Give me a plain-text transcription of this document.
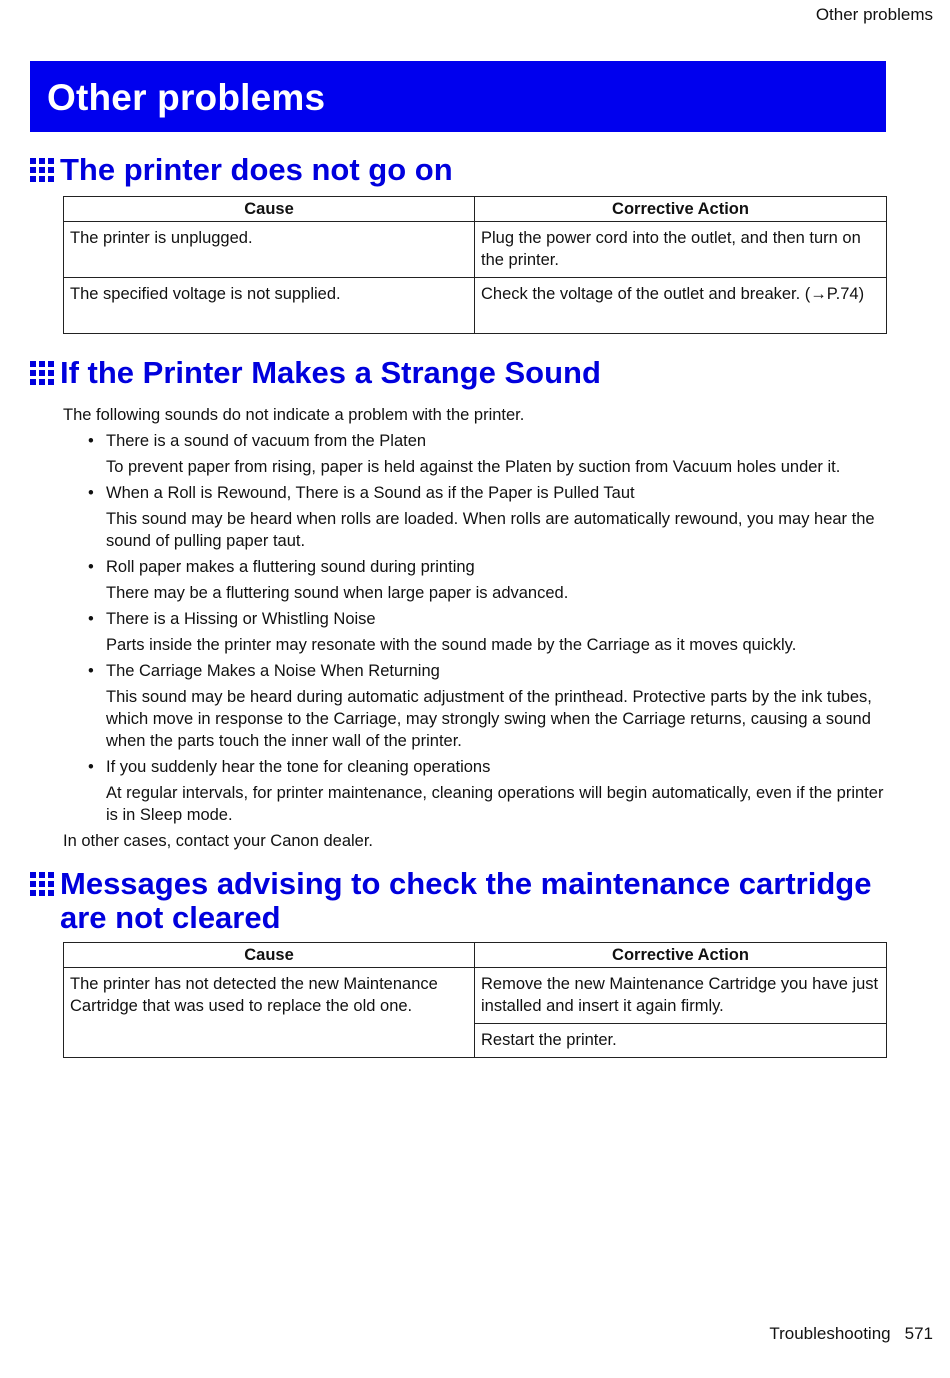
Other problems
Other problems
The printer does not go on
Cause	Corrective Action
The printer is unplugged.	Plug the power cord into the outlet, and then turn on the printer.
The specified voltage is not supplied.	Check the voltage of the outlet and breaker. (→P.74)
If the Printer Makes a Strange Sound

The following sounds do not indicate a problem with the printer.

• There is a sound of vacuum from the Platen
To prevent paper from rising, paper is held against the Platen by suction from Vacuum holes under it.
• When a Roll is Rewound, There is a Sound as if the Paper is Pulled Taut
This sound may be heard when rolls are loaded. When rolls are automatically rewound, you may hear the sound of pulling paper taut.
• Roll paper makes a fluttering sound during printing
There may be a fluttering sound when large paper is advanced.
• There is a Hissing or Whistling Noise
Parts inside the printer may resonate with the sound made by the Carriage as it moves quickly.
• The Carriage Makes a Noise When Returning
This sound may be heard during automatic adjustment of the printhead. Protective parts by the ink tubes, which move in response to the Carriage, may strongly swing when the Carriage returns, causing a sound when the parts touch the inner wall of the printer.
• If you suddenly hear the tone for cleaning operations
At regular intervals, for printer maintenance, cleaning operations will begin automatically, even if the printer is in Sleep mode.

In other cases, contact your Canon dealer.

Messages advising to check the maintenance cartridge
are not cleared
Cause	Corrective Action
The printer has not detected the new Maintenance Cartridge that was used to replace the old one.	Remove the new Maintenance Cartridge you have just installed and insert it again firmly.
	Restart the printer.
Troubleshooting 571
